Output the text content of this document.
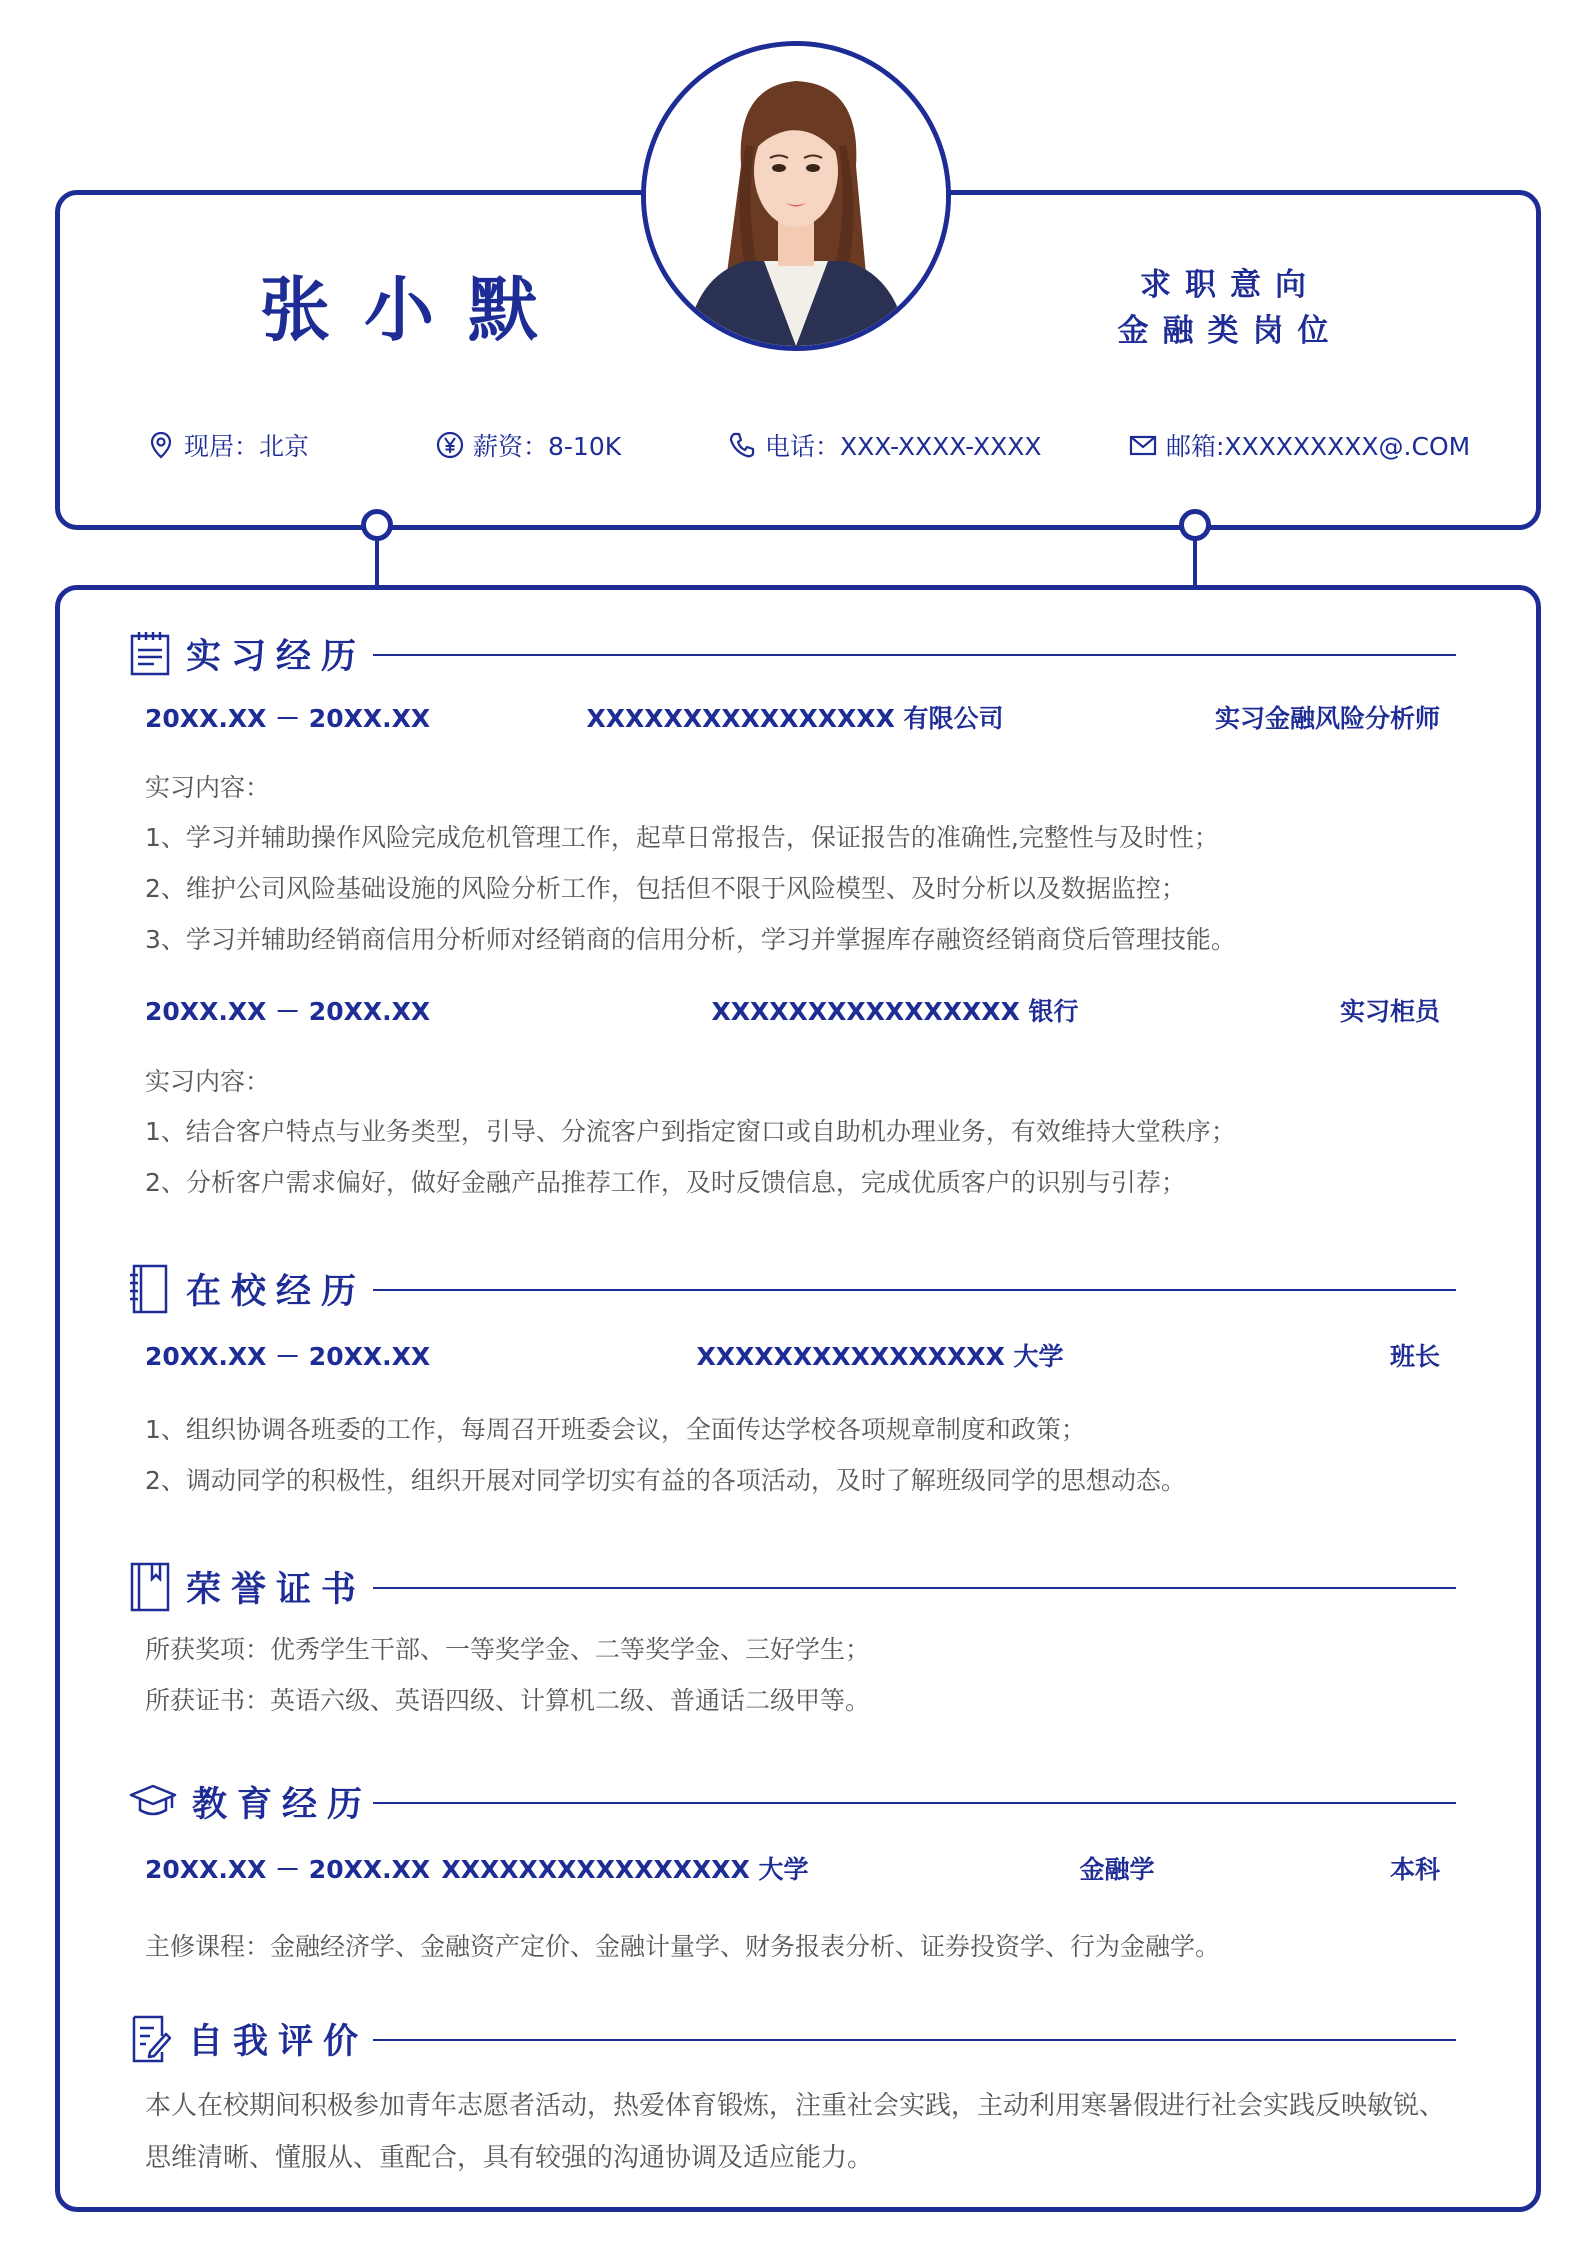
张小默	求职意向
金融类岗位
现居：北京	薪资：8-10K	电话：XXX-XXXX-XXXX	邮箱:XXXXXXXXX@.COM
实习经历
20XX.XX － 20XX.XX	XXXXXXXXXXXXXXXX 有限公司	实习金融风险分析师
实习内容：
1、学习并辅助操作风险完成危机管理工作，起草日常报告，保证报告的准确性,完整性与及时性；
2、维护公司风险基础设施的风险分析工作，包括但不限于风险模型、及时分析以及数据监控；
3、学习并辅助经销商信用分析师对经销商的信用分析，学习并掌握库存融资经销商贷后管理技能。
20XX.XX － 20XX.XX	XXXXXXXXXXXXXXXX 银行	实习柜员
实习内容：
1、结合客户特点与业务类型，引导、分流客户到指定窗口或自助机办理业务，有效维持大堂秩序；
2、分析客户需求偏好，做好金融产品推荐工作，及时反馈信息，完成优质客户的识别与引荐；
在校经历
20XX.XX － 20XX.XX	XXXXXXXXXXXXXXXX 大学	班长
1、组织协调各班委的工作，每周召开班委会议，全面传达学校各项规章制度和政策；
2、调动同学的积极性，组织开展对同学切实有益的各项活动，及时了解班级同学的思想动态。
荣誉证书
所获奖项：优秀学生干部、一等奖学金、二等奖学金、三好学生；
所获证书：英语六级、英语四级、计算机二级、普通话二级甲等。
教育经历
20XX.XX － 20XX.XX XXXXXXXXXXXXXXXX 大学	金融学	本科
主修课程：金融经济学、金融资产定价、金融计量学、财务报表分析、证券投资学、行为金融学。
自我评价
本人在校期间积极参加青年志愿者活动，热爱体育锻炼，注重社会实践，主动利用寒暑假进行社会实践反映敏锐、思维清晰、懂服从、重配合，具有较强的沟通协调及适应能力。
